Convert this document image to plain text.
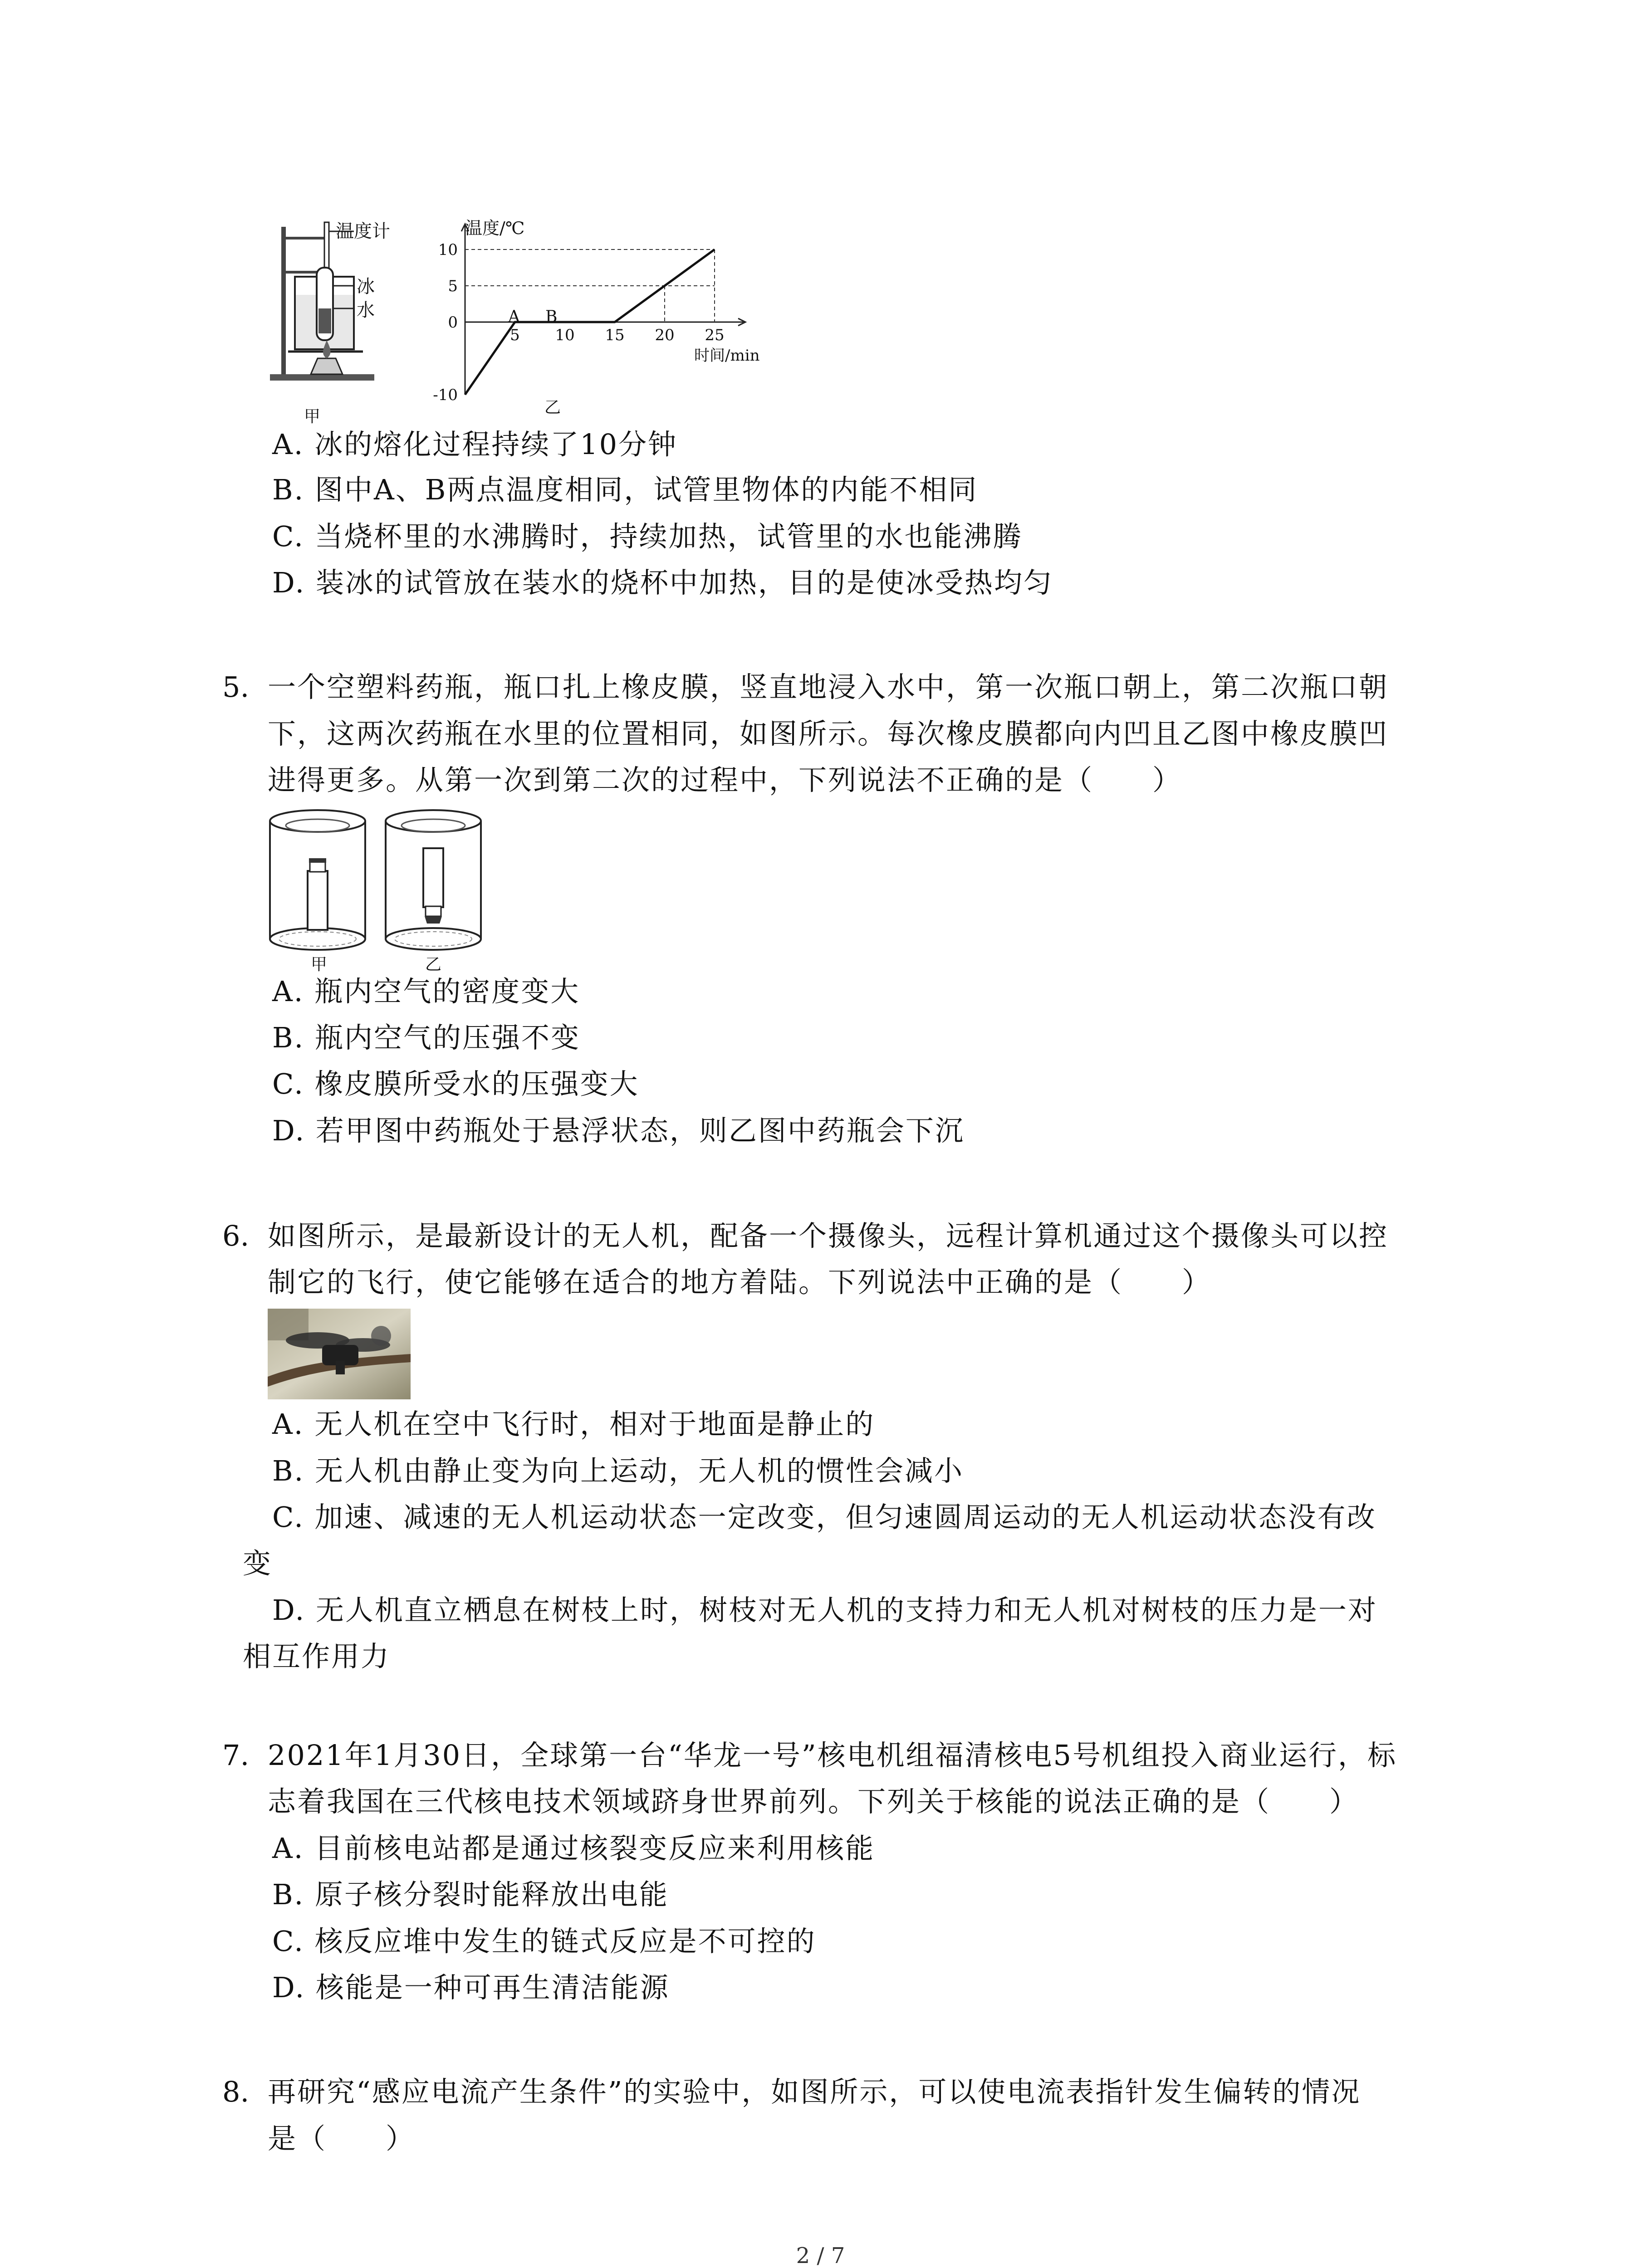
温度计
冰
水
甲
10
5
0
-10
5 10 15 20 25
温度/℃
时间/min
A B
乙
A. 冰的熔化过程持续了10分钟
B. 图中A、B两点温度相同，试管里物体的内能不相同
C. 当烧杯里的水沸腾时，持续加热，试管里的水也能沸腾
D. 装冰的试管放在装水的烧杯中加热，目的是使冰受热均匀
5. 一个空塑料药瓶，瓶口扎上橡皮膜，竖直地浸入水中，第一次瓶口朝上，第二次瓶口朝
下，这两次药瓶在水里的位置相同，如图所示。每次橡皮膜都向内凹且乙图中橡皮膜凹
进得更多。从第一次到第二次的过程中，下列说法不正确的是（　　）
甲	乙
A. 瓶内空气的密度变大
B. 瓶内空气的压强不变
C. 橡皮膜所受水的压强变大
D. 若甲图中药瓶处于悬浮状态，则乙图中药瓶会下沉
6. 如图所示，是最新设计的无人机，配备一个摄像头，远程计算机通过这个摄像头可以控
制它的飞行，使它能够在适合的地方着陆。下列说法中正确的是（　　）
A. 无人机在空中飞行时，相对于地面是静止的
B. 无人机由静止变为向上运动，无人机的惯性会减小
C. 加速、减速的无人机运动状态一定改变，但匀速圆周运动的无人机运动状态没有改
变
D. 无人机直立栖息在树枝上时，树枝对无人机的支持力和无人机对树枝的压力是一对
相互作用力
7. 2021年1月30日，全球第一台“华龙一号”核电机组福清核电5号机组投入商业运行，标
志着我国在三代核电技术领域跻身世界前列。下列关于核能的说法正确的是（　　）
A. 目前核电站都是通过核裂变反应来利用核能
B. 原子核分裂时能释放出电能
C. 核反应堆中发生的链式反应是不可控的
D. 核能是一种可再生清洁能源
8. 再研究“感应电流产生条件”的实验中，如图所示，可以使电流表指针发生偏转的情况
是（　　）
2 / 7
